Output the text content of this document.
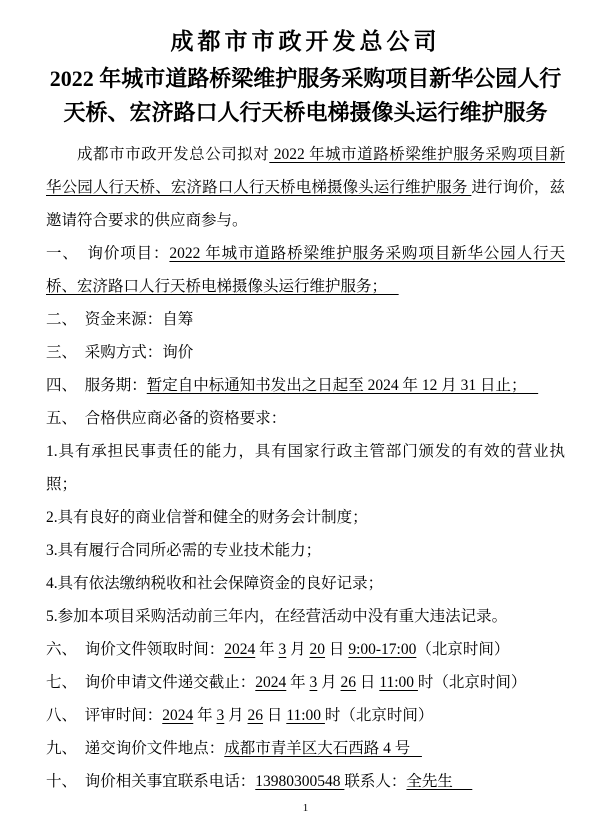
成都市市政开发总公司
2022 年城市道路桥梁维护服务采购项目新华公园人行天桥、宏济路口人行天桥电梯摄像头运行维护服务

成都市市政开发总公司拟对 2022 年城市道路桥梁维护服务采购项目新华公园人行天桥、宏济路口人行天桥电梯摄像头运行维护服务 进行询价，兹邀请符合要求的供应商参与。

一、　询价项目：2022 年城市道路桥梁维护服务采购项目新华公园人行天桥、宏济路口人行天桥电梯摄像头运行维护服务；

二、　资金来源：自筹

三、　采购方式：询价

四、　服务期：暂定自中标通知书发出之日起至 2024 年 12 月 31 日止；

五、　合格供应商必备的资格要求：

1.具有承担民事责任的能力，具有国家行政主管部门颁发的有效的营业执照；

2.具有良好的商业信誉和健全的财务会计制度；

3.具有履行合同所必需的专业技术能力；

4.具有依法缴纳税收和社会保障资金的良好记录；

5.参加本项目采购活动前三年内，在经营活动中没有重大违法记录。

六、　询价文件领取时间：2024 年 3 月 20 日 9:00-17:00（北京时间）

七、　询价申请文件递交截止：2024 年 3 月 26 日 11:00 时（北京时间）

八、　评审时间：2024 年 3 月 26 日 11:00 时（北京时间）

九、　递交询价文件地点：成都市青羊区大石西路 4 号

十、　询价相关事宜联系电话：13980300548 联系人：全先生

1
